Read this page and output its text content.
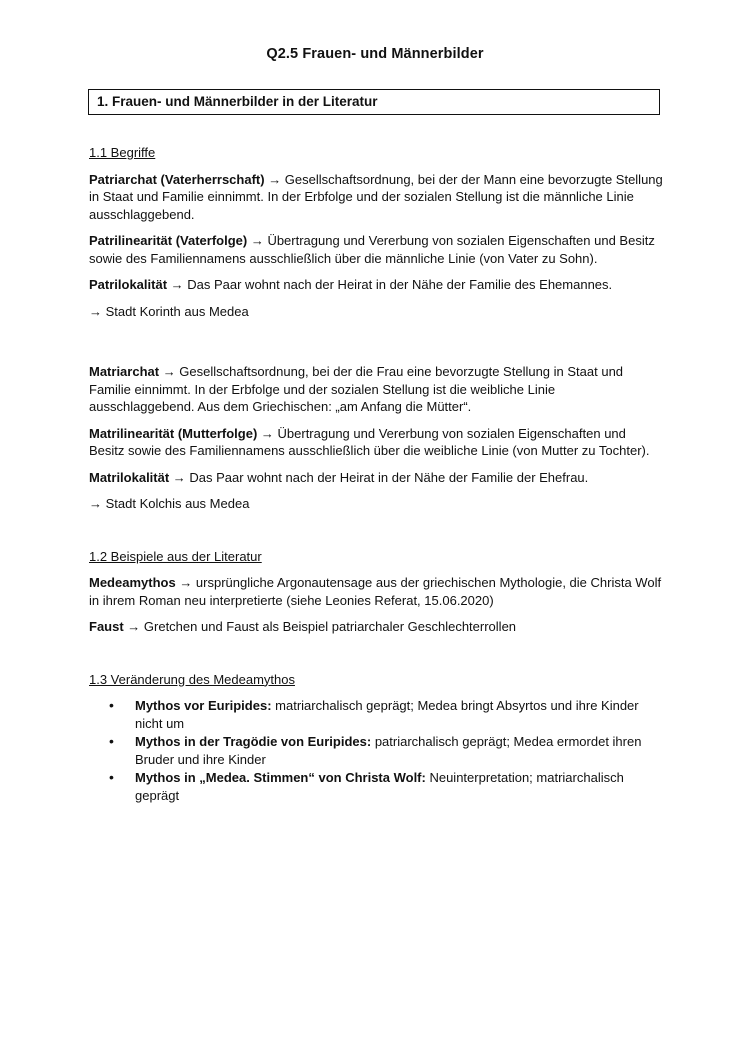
Q2.5 Frauen- und Männerbilder
1. Frauen- und Männerbilder in der Literatur
1.1 Begriffe
Patriarchat (Vaterherrschaft) → Gesellschaftsordnung, bei der der Mann eine bevorzugte Stellung in Staat und Familie einnimmt. In der Erbfolge und der sozialen Stellung ist die männliche Linie ausschlaggebend.
Patrilinearität (Vaterfolge) → Übertragung und Vererbung von sozialen Eigenschaften und Besitz sowie des Familiennamens ausschließlich über die männliche Linie (von Vater zu Sohn).
Patrilokalität → Das Paar wohnt nach der Heirat in der Nähe der Familie des Ehemannes.
→ Stadt Korinth aus Medea
Matriarchat → Gesellschaftsordnung, bei der die Frau eine bevorzugte Stellung in Staat und Familie einnimmt. In der Erbfolge und der sozialen Stellung ist die weibliche Linie ausschlaggebend. Aus dem Griechischen: „am Anfang die Mütter“.
Matrilinearität (Mutterfolge) → Übertragung und Vererbung von sozialen Eigenschaften und Besitz sowie des Familiennamens ausschließlich über die weibliche Linie (von Mutter zu Tochter).
Matrilokalität → Das Paar wohnt nach der Heirat in der Nähe der Familie der Ehefrau.
→ Stadt Kolchis aus Medea
1.2 Beispiele aus der Literatur
Medeamythos → ursprüngliche Argonautensage aus der griechischen Mythologie, die Christa Wolf in ihrem Roman neu interpretierte (siehe Leonies Referat, 15.06.2020)
Faust → Gretchen und Faust als Beispiel patriarchaler Geschlechterrollen
1.3 Veränderung des Medeamythos
• Mythos vor Euripides: matriarchalisch geprägt; Medea bringt Absyrtos und ihre Kinder nicht um
• Mythos in der Tragödie von Euripides: patriarchalisch geprägt; Medea ermordet ihren Bruder und ihre Kinder
• Mythos in „Medea. Stimmen“ von Christa Wolf: Neuinterpretation; matriarchalisch geprägt
